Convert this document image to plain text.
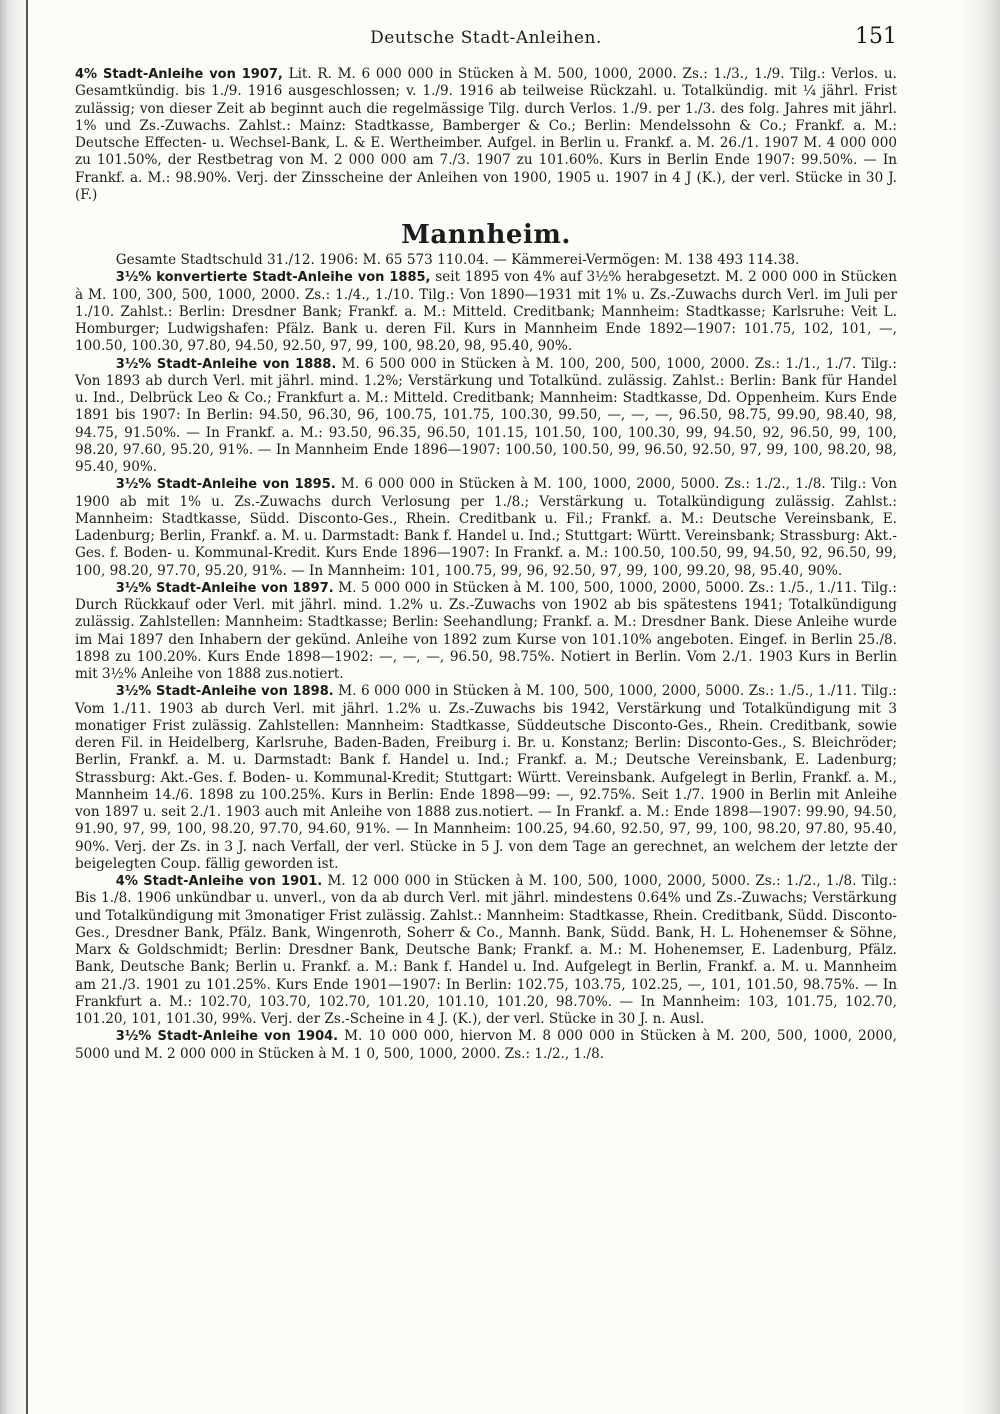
Deutsche Stadt-Anleihen.	151

4% Stadt-Anleihe von 1907, Lit. R. M. 6 000 000 in Stücken à M. 500, 1000, 2000. Zs.: 1./3., 1./9. Tilg.: Verlos. u. Gesamtkündig. bis 1./9. 1916 ausgeschlossen; v. 1./9. 1916 ab teilweise Rückzahl. u. Totalkündig. mit ¼ jährl. Frist zulässig; von dieser Zeit ab beginnt auch die regelmässige Tilg. durch Verlos. 1./9. per 1./3. des folg. Jahres mit jährl. 1% und Zs.-Zuwachs. Zahlst.: Mainz: Stadtkasse, Bamberger & Co.; Berlin: Mendelssohn & Co.; Frankf. a. M.: Deutsche Effecten- u. Wechsel-Bank, L. & E. Wertheimber. Aufgel. in Berlin u. Frankf. a. M. 26./1. 1907 M. 4 000 000 zu 101.50%, der Restbetrag von M. 2 000 000 am 7./3. 1907 zu 101.60%. Kurs in Berlin Ende 1907: 99.50%. — In Frankf. a. M.: 98.90%. Verj. der Zinsscheine der Anleihen von 1900, 1905 u. 1907 in 4 J (K.), der verl. Stücke in 30 J. (F.)

Mannheim.

Gesamte Stadtschuld 31./12. 1906: M. 65 573 110.04. — Kämmerei-Vermögen: M. 138 493 114.38.

3½% konvertierte Stadt-Anleihe von 1885, seit 1895 von 4% auf 3½% herabgesetzt. M. 2 000 000 in Stücken à M. 100, 300, 500, 1000, 2000. Zs.: 1./4., 1./10. Tilg.: Von 1890—1931 mit 1% u. Zs.-Zuwachs durch Verl. im Juli per 1./10. Zahlst.: Berlin: Dresdner Bank; Frankf. a. M.: Mitteld. Creditbank; Mannheim: Stadtkasse; Karlsruhe: Veit L. Homburger; Ludwigshafen: Pfälz. Bank u. deren Fil. Kurs in Mannheim Ende 1892—1907: 101.75, 102, 101, —, 100.50, 100.30, 97.80, 94.50, 92.50, 97, 99, 100, 98.20, 98, 95.40, 90%.

3½% Stadt-Anleihe von 1888. M. 6 500 000 in Stücken à M. 100, 200, 500, 1000, 2000. Zs.: 1./1., 1./7. Tilg.: Von 1893 ab durch Verl. mit jährl. mind. 1.2%; Verstärkung und Totalkünd. zulässig. Zahlst.: Berlin: Bank für Handel u. Ind., Delbrück Leo & Co.; Frankfurt a. M.: Mitteld. Creditbank; Mannheim: Stadtkasse, Dd. Oppenheim. Kurs Ende 1891 bis 1907: In Berlin: 94.50, 96.30, 96, 100.75, 101.75, 100.30, 99.50, —, —, —, 96.50, 98.75, 99.90, 98.40, 98, 94.75, 91.50%. — In Frankf. a. M.: 93.50, 96.35, 96.50, 101.15, 101.50, 100, 100.30, 99, 94.50, 92, 96.50, 99, 100, 98.20, 97.60, 95.20, 91%. — In Mannheim Ende 1896—1907: 100.50, 100.50, 99, 96.50, 92.50, 97, 99, 100, 98.20, 98, 95.40, 90%.

3½% Stadt-Anleihe von 1895. M. 6 000 000 in Stücken à M. 100, 1000, 2000, 5000. Zs.: 1./2., 1./8. Tilg.: Von 1900 ab mit 1% u. Zs.-Zuwachs durch Verlosung per 1./8.; Verstärkung u. Totalkündigung zulässig. Zahlst.: Mannheim: Stadtkasse, Südd. Disconto-Ges., Rhein. Creditbank u. Fil.; Frankf. a. M.: Deutsche Vereinsbank, E. Ladenburg; Berlin, Frankf. a. M. u. Darmstadt: Bank f. Handel u. Ind.; Stuttgart: Württ. Vereinsbank; Strassburg: Akt.-Ges. f. Boden- u. Kommunal-Kredit. Kurs Ende 1896—1907: In Frankf. a. M.: 100.50, 100.50, 99, 94.50, 92, 96.50, 99, 100, 98.20, 97.70, 95.20, 91%. — In Mannheim: 101, 100.75, 99, 96, 92.50, 97, 99, 100, 99.20, 98, 95.40, 90%.

3½% Stadt-Anleihe von 1897. M. 5 000 000 in Stücken à M. 100, 500, 1000, 2000, 5000. Zs.: 1./5., 1./11. Tilg.: Durch Rückkauf oder Verl. mit jährl. mind. 1.2% u. Zs.-Zuwachs von 1902 ab bis spätestens 1941; Totalkündigung zulässig. Zahlstellen: Mannheim: Stadtkasse; Berlin: Seehandlung; Frankf. a. M.: Dresdner Bank. Diese Anleihe wurde im Mai 1897 den Inhabern der gekünd. Anleihe von 1892 zum Kurse von 101.10% angeboten. Eingef. in Berlin 25./8. 1898 zu 100.20%. Kurs Ende 1898—1902: —, —, —, 96.50, 98.75%. Notiert in Berlin. Vom 2./1. 1903 Kurs in Berlin mit 3½% Anleihe von 1888 zus.notiert.

3½% Stadt-Anleihe von 1898. M. 6 000 000 in Stücken à M. 100, 500, 1000, 2000, 5000. Zs.: 1./5., 1./11. Tilg.: Vom 1./11. 1903 ab durch Verl. mit jährl. 1.2% u. Zs.-Zuwachs bis 1942, Verstärkung und Totalkündigung mit 3 monatiger Frist zulässig. Zahlstellen: Mannheim: Stadtkasse, Süddeutsche Disconto-Ges., Rhein. Creditbank, sowie deren Fil. in Heidelberg, Karlsruhe, Baden-Baden, Freiburg i. Br. u. Konstanz; Berlin: Disconto-Ges., S. Bleichröder; Berlin, Frankf. a. M. u. Darmstadt: Bank f. Handel u. Ind.; Frankf. a. M.; Deutsche Vereinsbank, E. Ladenburg; Strassburg: Akt.-Ges. f. Boden- u. Kommunal-Kredit; Stuttgart: Württ. Vereinsbank. Aufgelegt in Berlin, Frankf. a. M., Mannheim 14./6. 1898 zu 100.25%. Kurs in Berlin: Ende 1898—99: —, 92.75%. Seit 1./7. 1900 in Berlin mit Anleihe von 1897 u. seit 2./1. 1903 auch mit Anleihe von 1888 zus.notiert. — In Frankf. a. M.: Ende 1898—1907: 99.90, 94.50, 91.90, 97, 99, 100, 98.20, 97.70, 94.60, 91%. — In Mannheim: 100.25, 94.60, 92.50, 97, 99, 100, 98.20, 97.80, 95.40, 90%. Verj. der Zs. in 3 J. nach Verfall, der verl. Stücke in 5 J. von dem Tage an gerechnet, an welchem der letzte der beigelegten Coup. fällig geworden ist.

4% Stadt-Anleihe von 1901. M. 12 000 000 in Stücken à M. 100, 500, 1000, 2000, 5000. Zs.: 1./2., 1./8. Tilg.: Bis 1./8. 1906 unkündbar u. unverl., von da ab durch Verl. mit jährl. mindestens 0.64% und Zs.-Zuwachs; Verstärkung und Totalkündigung mit 3monatiger Frist zulässig. Zahlst.: Mannheim: Stadtkasse, Rhein. Creditbank, Südd. Disconto-Ges., Dresdner Bank, Pfälz. Bank, Wingenroth, Soherr & Co., Mannh. Bank, Südd. Bank, H. L. Hohenemser & Söhne, Marx & Goldschmidt; Berlin: Dresdner Bank, Deutsche Bank; Frankf. a. M.: M. Hohenemser, E. Ladenburg, Pfälz. Bank, Deutsche Bank; Berlin u. Frankf. a. M.: Bank f. Handel u. Ind. Aufgelegt in Berlin, Frankf. a. M. u. Mannheim am 21./3. 1901 zu 101.25%. Kurs Ende 1901—1907: In Berlin: 102.75, 103.75, 102.25, —, 101, 101.50, 98.75%. — In Frankfurt a. M.: 102.70, 103.70, 102.70, 101.20, 101.10, 101.20, 98.70%. — In Mannheim: 103, 101.75, 102.70, 101.20, 101, 101.30, 99%. Verj. der Zs.-Scheine in 4 J. (K.), der verl. Stücke in 30 J. n. Ausl.

3½% Stadt-Anleihe von 1904. M. 10 000 000, hiervon M. 8 000 000 in Stücken à M. 200, 500, 1000, 2000, 5000 und M. 2 000 000 in Stücken à M. 1 0, 500, 1000, 2000. Zs.: 1./2., 1./8.
